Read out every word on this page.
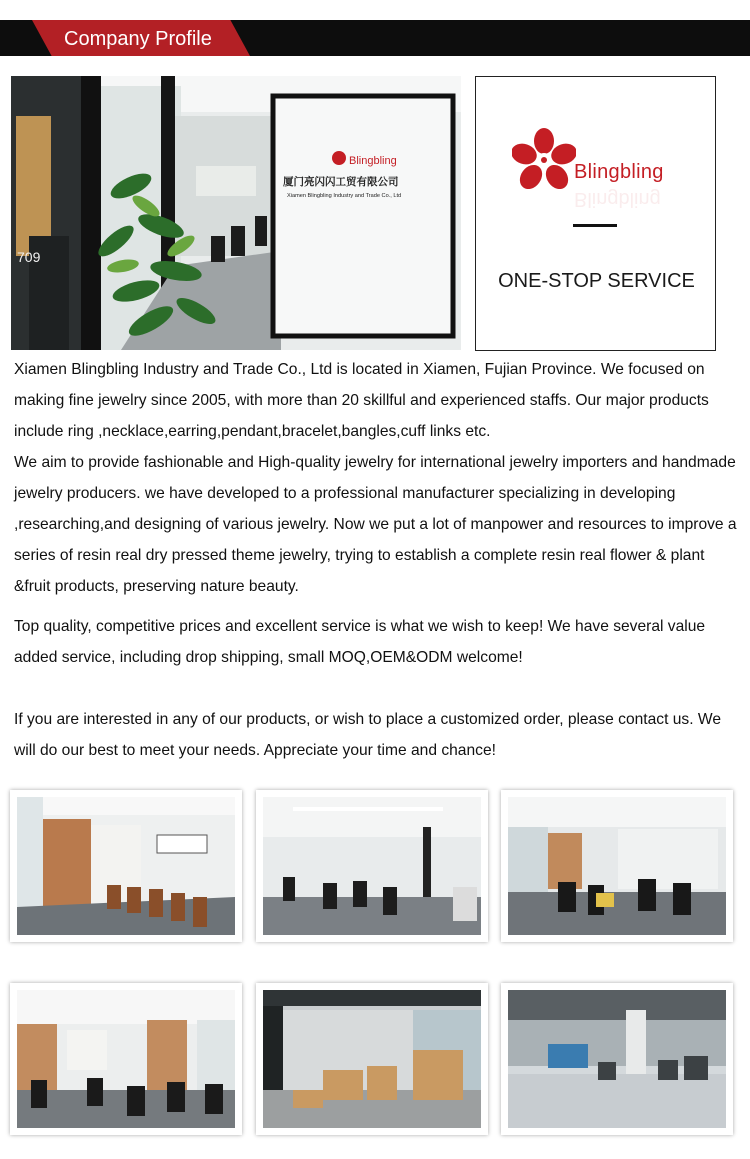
Company Profile
Blingbling
厦门亮闪闪工贸有限公司
Xiamen Blingbling Industry and Trade Co., Ltd
709
Blingbling
Blingbling
ONE-STOP SERVICE

Xiamen Blingbling Industry and Trade Co., Ltd is located in Xiamen, Fujian Province. We focused on making fine jewelry since 2005, with more than 20 skillful and experienced staffs. Our major products include ring ,necklace,earring,pendant,bracelet,bangles,cuff links etc.

We aim to provide fashionable and High-quality jewelry for international jewelry importers and handmade jewelry producers. we have developed to a professional manufacturer specializing in developing ,researching,and designing of various jewelry. Now we put a lot of manpower and resources to improve a series of resin real dry pressed theme jewelry, trying to establish a complete resin real flower & plant &fruit products, preserving nature beauty.

Top quality, competitive prices and excellent service is what we wish to keep! We have several value added service, including drop shipping, small MOQ,OEM&ODM welcome!

If you are interested in any of our products, or wish to place a customized order, please contact us. We will do our best to meet your needs. Appreciate your time and chance!
